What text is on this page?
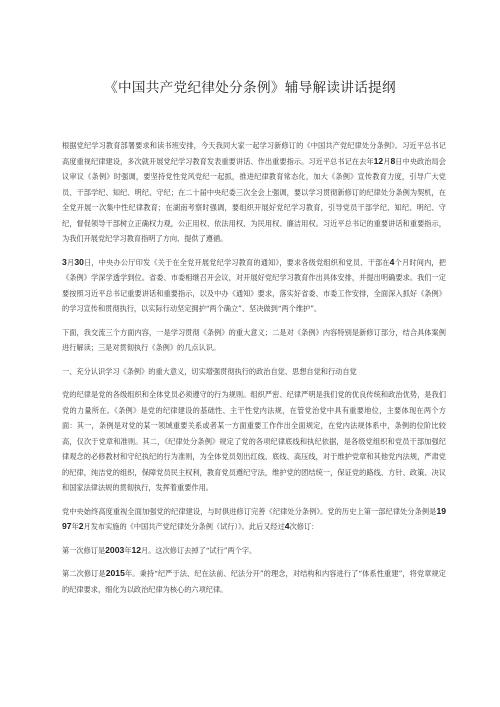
《中国共产党纪律处分条例》辅导解读讲话提纲

根据党纪学习教育部署要求和读书班安排，今天我同大家一起学习新修订的《中国共产党纪律处分条例》。习近平总书记高度重视纪律建设，多次就开展党纪学习教育发表重要讲话、作出重要指示。习近平总书记在去年12月8日中央政治局会议审议《条例》时强调，要坚持党性党风党纪一起抓，推进纪律教育常态化，加大《条例》宣传教育力度，引导广大党员、干部学纪、知纪、明纪、守纪；在二十届中央纪委三次全会上强调，要以学习贯彻新修订的纪律处分条例为契机，在全党开展一次集中性纪律教育；在湖南考察时强调，要组织开展好党纪学习教育，引导党员干部学纪、知纪、明纪、守纪，督促领导干部树立正确权力观，公正用权、依法用权、为民用权、廉洁用权。习近平总书记的重要讲话和重要指示，为我们开展党纪学习教育指明了方向、提供了遵循。

3月30日，中央办公厅印发《关于在全党开展党纪学习教育的通知》，要求各级党组织和党员、干部在4个月时间内，把《条例》学深学透学到位。省委、市委相继召开会议，对开展好党纪学习教育作出具体安排，并提出明确要求。我们一定要按照习近平总书记重要讲话和重要指示，以及中办《通知》要求，落实好省委、市委工作安排，全面深入抓好《条例》的学习宣传和贯彻执行，以实际行动坚定拥护“两个确立”、坚决做到“两个维护”。

下面，我交流三个方面内容，一是学习贯彻《条例》的重大意义；二是对《条例》内容特别是新修订部分，结合具体案例进行解读；三是对贯彻执行《条例》的几点认识。

一、充分认识学习《条例》的重大意义，切实增强贯彻执行的政治自觉、思想自觉和行动自觉

党的纪律是党的各级组织和全体党员必须遵守的行为规则。组织严密、纪律严明是我们党的优良传统和政治优势，是我们党的力量所在。《条例》是党的纪律建设的基础性、主干性党内法规，在管党治党中具有重要地位，主要体现在两个方面：其一，条例是对党的某一领域重要关系或者某一方面重要工作作出全面规定，在党内法规体系中，条例的位阶比较高，仅次于党章和准则。其二，《纪律处分条例》规定了党的各项纪律底线和执纪依据，是各级党组织和党员干部加强纪律观念的必修教材和守纪执纪的行为准则，为全体党员划出红线、底线、高压线，对于维护党章和其他党内法规，严肃党的纪律，纯洁党的组织，保障党员民主权利，教育党员遵纪守法，维护党的团结统一，保证党的路线、方针、政策、决议和国家法律法规的贯彻执行，发挥着重要作用。

党中央始终高度重视全面加强党的纪律建设，与时俱进修订完善《纪律处分条例》。党的历史上第一部纪律处分条例是1997年2月发布实施的《中国共产党纪律处分条例（试行）》。此后又经过4次修订：

第一次修订是2003年12月。这次修订去掉了“试行”两个字。

第二次修订是2015年。秉持“纪严于法、纪在法前、纪法分开”的理念，对结构和内容进行了“体系性重建”，将党章规定的纪律要求，细化为以政治纪律为核心的六项纪律。
